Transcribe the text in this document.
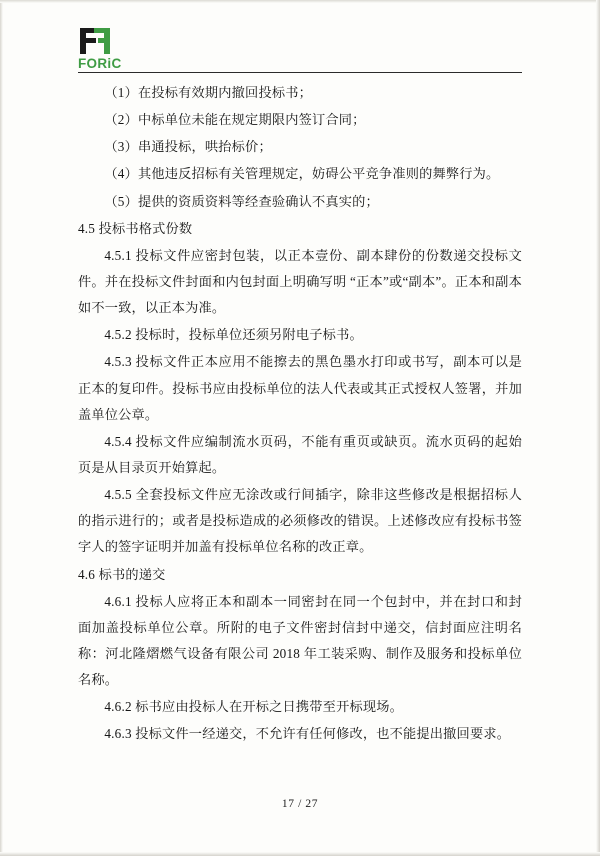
FORiC

（1）在投标有效期内撤回投标书；

（2）中标单位未能在规定期限内签订合同；

（3）串通投标，哄抬标价；

（4）其他违反招标有关管理规定，妨碍公平竞争准则的舞弊行为。

（5）提供的资质资料等经查验确认不真实的；

4.5 投标书格式份数

4.5.1 投标文件应密封包装，以正本壹份、副本肆份的份数递交投标文件。并在投标文件封面和内包封面上明确写明 “正本”或“副本”。正本和副本如不一致，以正本为准。

4.5.2 投标时，投标单位还须另附电子标书。

4.5.3 投标文件正本应用不能擦去的黑色墨水打印或书写，副本可以是正本的复印件。投标书应由投标单位的法人代表或其正式授权人签署，并加盖单位公章。

4.5.4 投标文件应编制流水页码，不能有重页或缺页。流水页码的起始页是从目录页开始算起。

4.5.5 全套投标文件应无涂改或行间插字，除非这些修改是根据招标人的指示进行的；或者是投标造成的必须修改的错误。上述修改应有投标书签字人的签字证明并加盖有投标单位名称的改正章。

4.6 标书的递交

4.6.1 投标人应将正本和副本一同密封在同一个包封中，并在封口和封面加盖投标单位公章。所附的电子文件密封信封中递交，信封面应注明名称：河北隆熠燃气设备有限公司 2018 年工装采购、制作及服务和投标单位名称。

4.6.2 标书应由投标人在开标之日携带至开标现场。

4.6.3 投标文件一经递交，不允许有任何修改，也不能提出撤回要求。

17 / 27
